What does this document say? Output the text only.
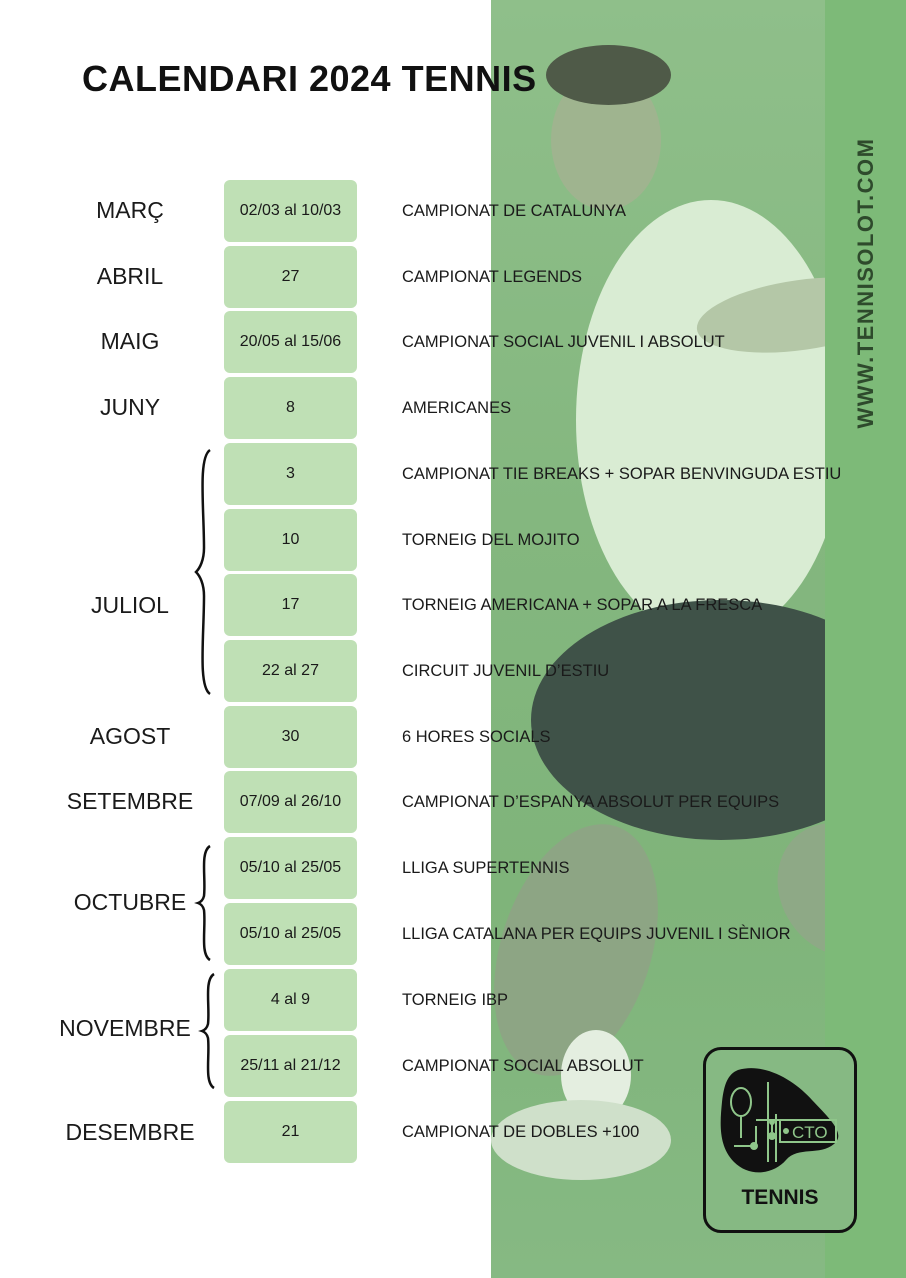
CALENDARI 2024 TENNIS
MARÇ
ABRIL
MAIG
JUNY
JULIOL
AGOST
SETEMBRE
OCTUBRE
NOVEMBRE
DESEMBRE
02/03 al 10/03
27
20/05 al 15/06
8
3
10
17
22 al 27
30
07/09 al 26/10
05/10 al 25/05
05/10 al 25/05
4 al 9
25/11 al 21/12
21
CAMPIONAT DE CATALUNYA
CAMPIONAT LEGENDS
CAMPIONAT SOCIAL JUVENIL I ABSOLUT
AMERICANES
CAMPIONAT TIE BREAKS + SOPAR BENVINGUDA ESTIU
TORNEIG DEL MOJITO
TORNEIG AMERICANA + SOPAR A LA FRESCA
CIRCUIT JUVENIL D’ESTIU
6 HORES SOCIALS
CAMPIONAT D’ESPANYA ABSOLUT PER EQUIPS
LLIGA SUPERTENNIS
LLIGA CATALANA PER EQUIPS JUVENIL I SÈNIOR
TORNEIG IBP
CAMPIONAT SOCIAL ABSOLUT
CAMPIONAT DE DOBLES +100
WWW.TENNISOLOT.COM
CTO
TENNIS
